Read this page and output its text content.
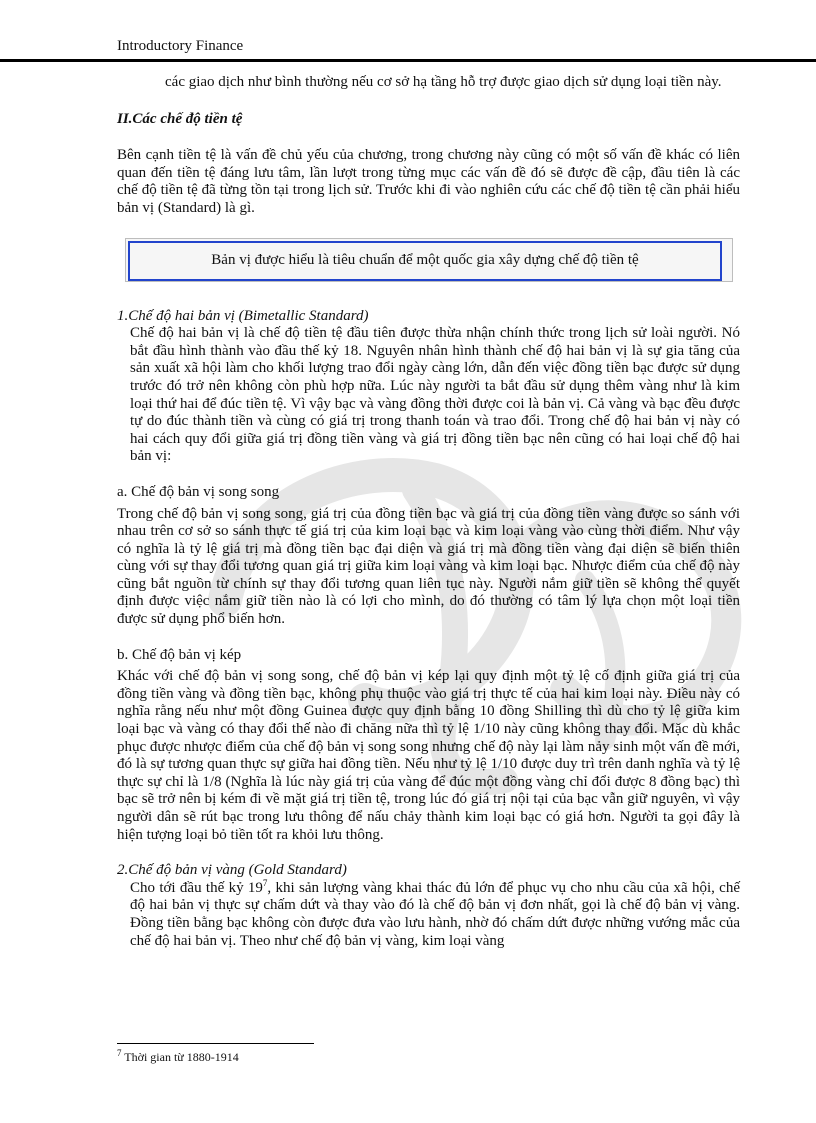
Introductory Finance

các giao dịch như bình thường nếu cơ sở hạ tầng hỗ trợ được giao dịch sử dụng loại tiền này.

II.Các chế độ tiền tệ

Bên cạnh tiền tệ là vấn đề chủ yếu của chương, trong chương này cũng có một số vấn đề khác có liên quan đến tiền tệ đáng lưu tâm, lần lượt trong từng mục các vấn đề đó sẽ được đề cập, đầu tiên là các chế độ tiền tệ đã từng tồn tại trong lịch sử. Trước khi đi vào nghiên cứu các chế độ tiền tệ cần phải hiểu bản vị (Standard) là gì.

Bản vị được hiểu là tiêu chuẩn để một quốc gia xây dựng chế độ tiền tệ

1.Chế độ hai bản vị (Bimetallic Standard)

Chế độ hai bản vị là chế độ tiền tệ đầu tiên được thừa nhận chính thức trong lịch sử loài người. Nó bắt đầu hình thành vào đầu thế kỷ 18. Nguyên nhân hình thành chế độ hai bản vị là sự gia tăng của sản xuất xã hội làm cho khối lượng trao đổi ngày càng lớn, dẫn đến việc đồng tiền bạc được sử dụng trước đó trở nên không còn phù hợp nữa. Lúc này người ta bắt đầu sử dụng thêm vàng như là kim loại thứ hai để đúc tiền tệ. Vì vậy bạc và vàng đồng thời được coi là bản vị. Cả vàng và bạc đều được tự do đúc thành tiền và cùng có giá trị trong thanh toán và trao đổi. Trong chế độ hai bản vị này có hai cách quy đổi giữa giá trị đồng tiền vàng và giá trị đồng tiền bạc nên cũng có hai loại chế độ hai bản vị:

a. Chế độ bản vị song song

Trong chế độ bản vị song song, giá trị của đồng tiền bạc và giá trị của đồng tiền vàng được so sánh với nhau trên cơ sở so sánh thực tế giá trị của kim loại bạc và kim loại vàng vào cùng thời điểm. Như vậy có nghĩa là tỷ lệ giá trị mà đồng tiền bạc đại diện và giá trị mà đồng tiền vàng đại diện sẽ biến thiên cùng với sự thay đổi tương quan giá trị giữa kim loại vàng và kim loại bạc. Nhược điểm của chế độ này cũng bắt nguồn từ chính sự thay đổi tương quan liên tục này. Người nắm giữ tiền sẽ không thể quyết định được việc nắm giữ tiền nào là có lợi cho mình, do đó thường có tâm lý lựa chọn một loại tiền được sử dụng phổ biến hơn.

b. Chế độ bản vị kép

Khác với chế độ bản vị song song, chế độ bản vị kép lại quy định một tỷ lệ cố định giữa giá trị của đồng tiền vàng và đồng tiền bạc, không phụ thuộc vào giá trị thực tế của hai kim loại này. Điều này có nghĩa rằng nếu như một đồng Guinea được quy định bằng 10 đồng Shilling thì dù cho tỷ lệ giữa kim loại bạc và vàng có thay đổi thế nào đi chăng nữa thì tỷ lệ 1/10 này cũng không thay đổi. Mặc dù khắc phục được nhược điểm của chế độ bản vị song song nhưng chế độ này lại làm nảy sinh một vấn đề mới, đó là sự tương quan thực sự giữa hai đồng tiền. Nếu như tỷ lệ 1/10 được duy trì trên danh nghĩa và tỷ lệ thực sự chỉ là 1/8 (Nghĩa là lúc này giá trị của vàng để đúc một đồng vàng chỉ đổi được 8 đồng bạc) thì bạc sẽ trở nên bị kém đi về mặt giá trị tiền tệ, trong lúc đó giá trị nội tại của bạc vẫn giữ nguyên, vì vậy người dân sẽ rút bạc trong lưu thông để nấu chảy thành kim loại bạc có giá hơn. Người ta gọi đây là hiện tượng loại bỏ tiền tốt ra khỏi lưu thông.

2.Chế độ bản vị vàng (Gold Standard)

Cho tới đầu thế kỷ $19^7$, khi sản lượng vàng khai thác đủ lớn để phục vụ cho nhu cầu của xã hội, chế độ hai bản vị thực sự chấm dứt và thay vào đó là chế độ bản vị đơn nhất, gọi là chế độ bản vị vàng. Đồng tiền bằng bạc không còn được đưa vào lưu hành, nhờ đó chấm dứt được những vướng mắc của chế độ hai bản vị. Theo như chế độ bản vị vàng, kim loại vàng

$^7$ Thời gian từ 1880-1914
